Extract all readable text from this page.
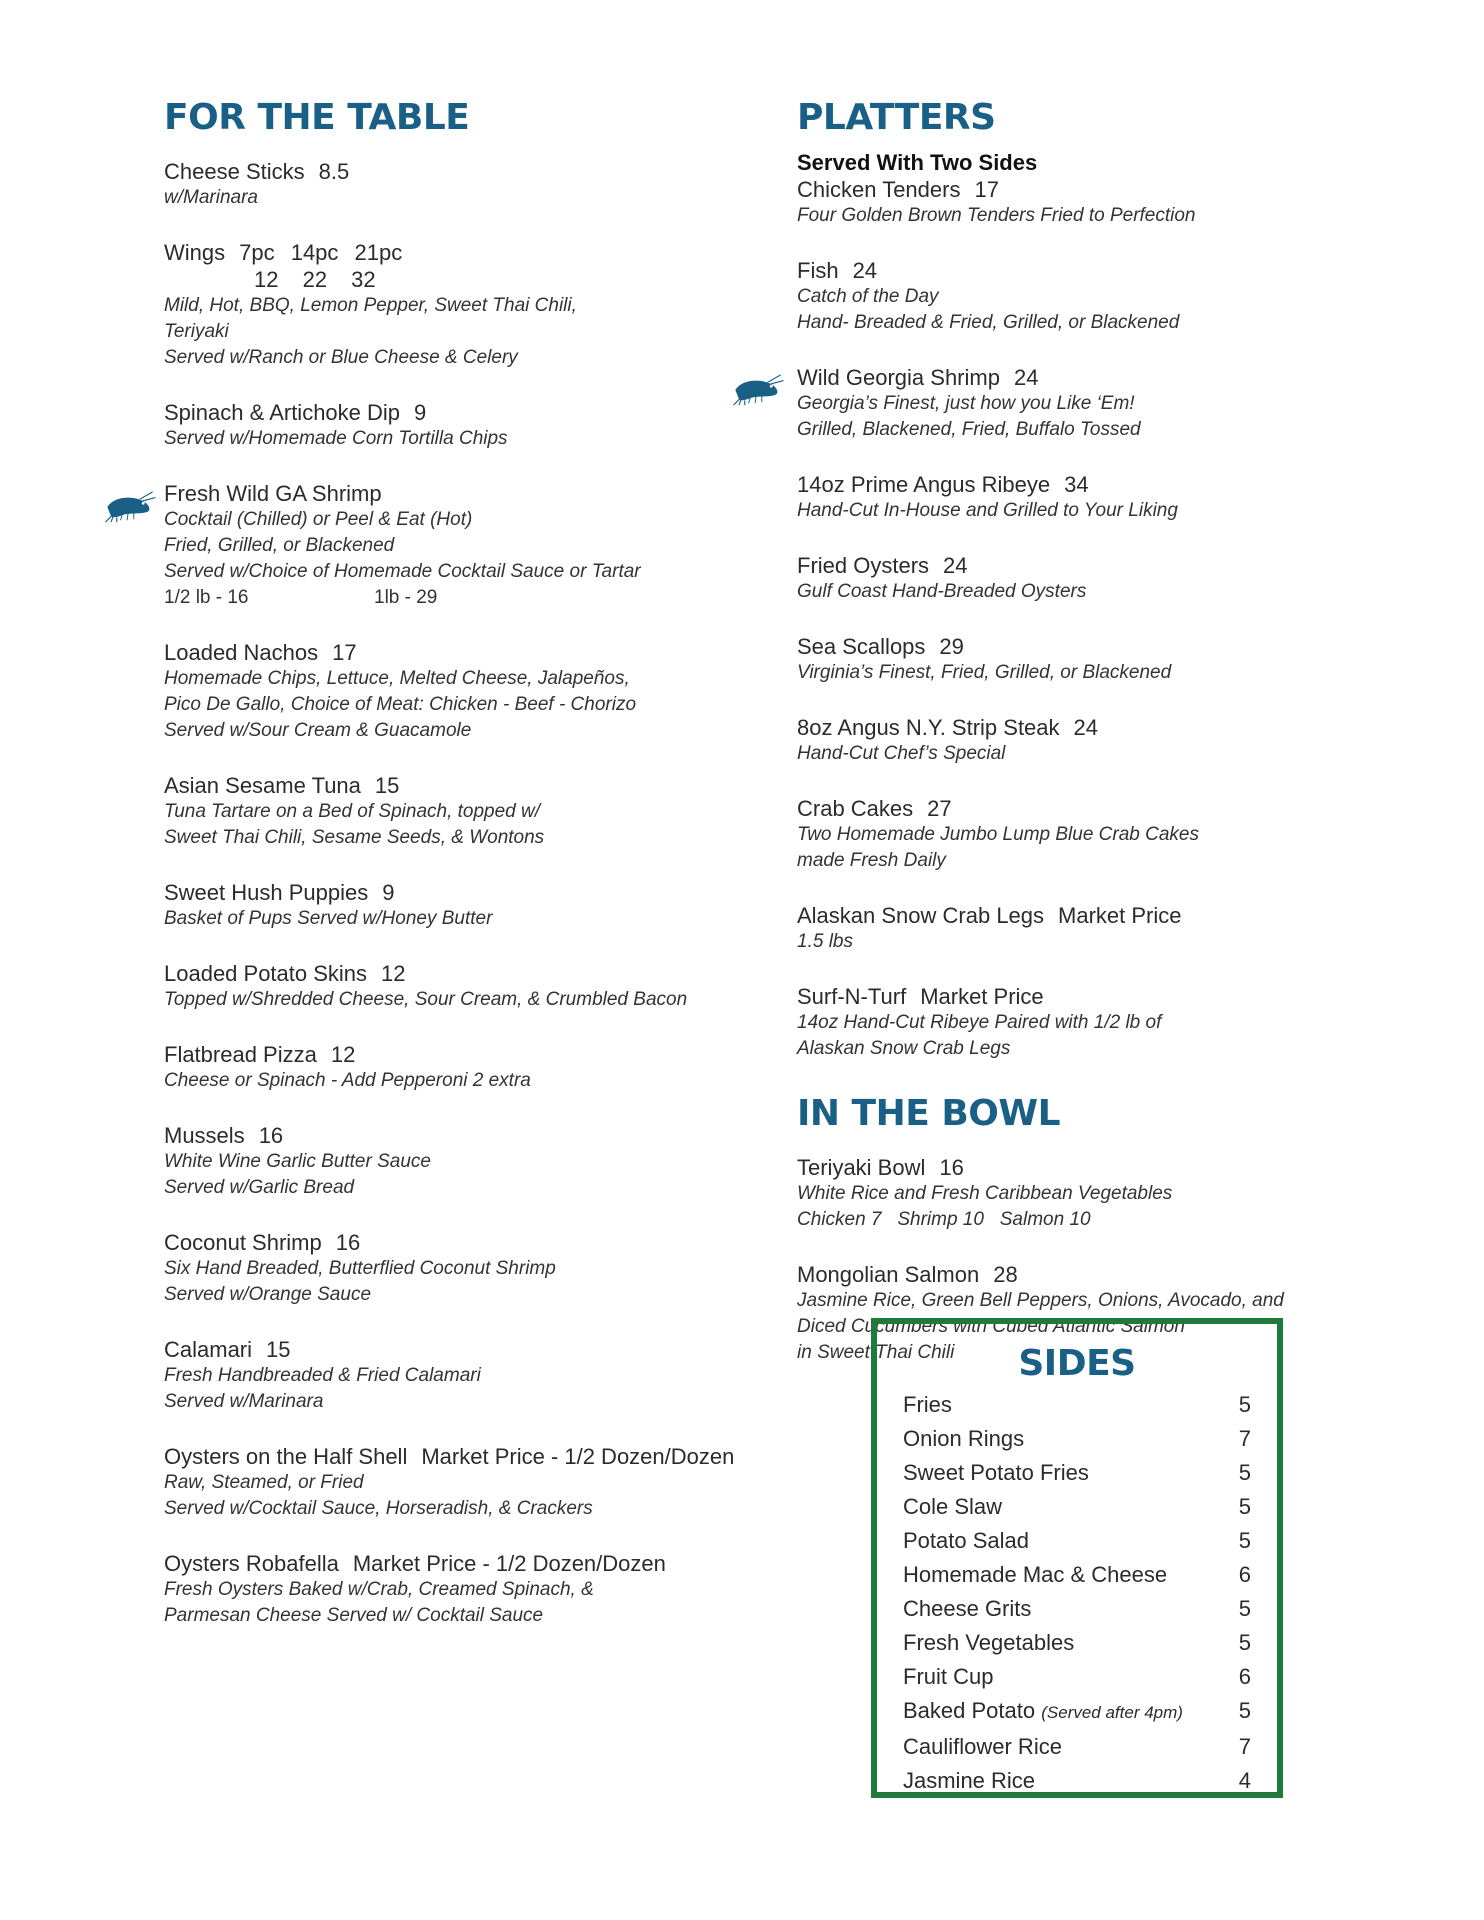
FOR THE TABLE
Cheese Sticks 8.5
w/Marinara
Wings 7pc 14pc 21pc
12 22 32
Mild, Hot, BBQ, Lemon Pepper, Sweet Thai Chili,
Teriyaki
Served w/Ranch or Blue Cheese & Celery
Spinach & Artichoke Dip 9
Served w/Homemade Corn Tortilla Chips
Fresh Wild GA Shrimp
Cocktail (Chilled) or Peel & Eat (Hot)
Fried, Grilled, or Blackened
Served w/Choice of Homemade Cocktail Sauce or Tartar
1/2 lb - 16	1lb - 29
Loaded Nachos 17
Homemade Chips, Lettuce, Melted Cheese, Jalapeños,
Pico De Gallo, Choice of Meat: Chicken - Beef - Chorizo
Served w/Sour Cream & Guacamole
Asian Sesame Tuna 15
Tuna Tartare on a Bed of Spinach, topped w/
Sweet Thai Chili, Sesame Seeds, & Wontons
Sweet Hush Puppies 9
Basket of Pups Served w/Honey Butter
Loaded Potato Skins 12
Topped w/Shredded Cheese, Sour Cream, & Crumbled Bacon
Flatbread Pizza 12
Cheese or Spinach - Add Pepperoni 2 extra
Mussels 16
White Wine Garlic Butter Sauce
Served w/Garlic Bread
Coconut Shrimp 16
Six Hand Breaded, Butterflied Coconut Shrimp
Served w/Orange Sauce
Calamari 15
Fresh Handbreaded & Fried Calamari
Served w/Marinara
Oysters on the Half Shell Market Price - 1/2 Dozen/Dozen
Raw, Steamed, or Fried
Served w/Cocktail Sauce, Horseradish, & Crackers
Oysters Robafella Market Price - 1/2 Dozen/Dozen
Fresh Oysters Baked w/Crab, Creamed Spinach, &
Parmesan Cheese Served w/ Cocktail Sauce
PLATTERS
Served With Two Sides
Chicken Tenders 17
Four Golden Brown Tenders Fried to Perfection
Fish 24
Catch of the Day
Hand- Breaded & Fried, Grilled, or Blackened
Wild Georgia Shrimp 24
Georgia’s Finest, just how you Like ‘Em!
Grilled, Blackened, Fried, Buffalo Tossed
14oz Prime Angus Ribeye 34
Hand-Cut In-House and Grilled to Your Liking
Fried Oysters 24
Gulf Coast Hand-Breaded Oysters
Sea Scallops 29
Virginia’s Finest, Fried, Grilled, or Blackened
8oz Angus N.Y. Strip Steak 24
Hand-Cut Chef’s Special
Crab Cakes 27
Two Homemade Jumbo Lump Blue Crab Cakes
made Fresh Daily
Alaskan Snow Crab Legs Market Price
1.5 lbs
Surf-N-Turf Market Price
14oz Hand-Cut Ribeye Paired with 1/2 lb of
Alaskan Snow Crab Legs
IN THE BOWL
Teriyaki Bowl 16
White Rice and Fresh Caribbean Vegetables
Chicken 7   Shrimp 10   Salmon 10
Mongolian Salmon 28
Jasmine Rice, Green Bell Peppers, Onions, Avocado, and
Diced Cucumbers with Cubed Atlantic Salmon
in Sweet Thai Chili	SIDES
Fries	5
Onion Rings	7
Sweet Potato Fries	5
Cole Slaw	5
Potato Salad	5
Homemade Mac & Cheese	6
Cheese Grits	5
Fresh Vegetables	5
Fruit Cup	6
Baked Potato (Served after 4pm)	5
Cauliflower Rice	7
Jasmine Rice	4
